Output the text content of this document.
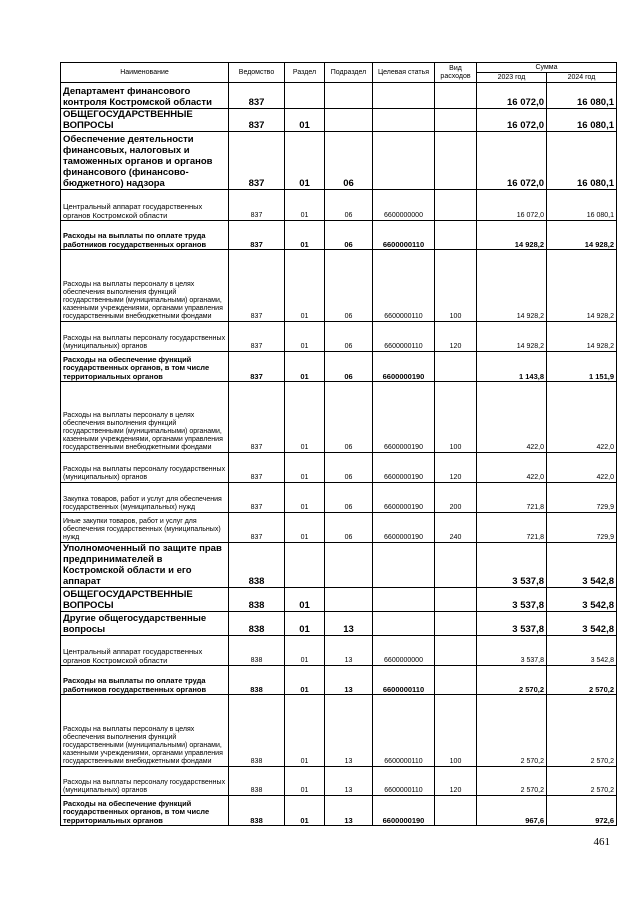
Наименование	Ведомство	Раздел	Подраздел	Целевая статья	Вид расходов	Сумма	
						2023 год	2024 год
Департамент финансового контроля Костромской области	837					16 072,0	16 080,1
ОБЩЕГОСУДАРСТВЕННЫЕ ВОПРОСЫ	837	01				16 072,0	16 080,1
Обеспечение деятельности финансовых, налоговых и таможенных органов и органов финансового (финансово-бюджетного) надзора	837	01	06			16 072,0	16 080,1
Центральный аппарат государственных органов Костромской области	837	01	06	6600000000		16 072,0	16 080,1
Расходы на выплаты по оплате труда работников государственных органов	837	01	06	6600000110		14 928,2	14 928,2
Расходы на выплаты персоналу в целях обеспечения выполнения функций государственными (муниципальными) органами, казенными учреждениями, органами управления государственными внебюджетными фондами	837	01	06	6600000110	100	14 928,2	14 928,2
Расходы на выплаты персоналу государственных (муниципальных) органов	837	01	06	6600000110	120	14 928,2	14 928,2
Расходы на обеспечение функций государственных органов, в том числе территориальных органов	837	01	06	6600000190		1 143,8	1 151,9
Расходы на выплаты персоналу в целях обеспечения выполнения функций государственными (муниципальными) органами, казенными учреждениями, органами управления государственными внебюджетными фондами	837	01	06	6600000190	100	422,0	422,0
Расходы на выплаты персоналу государственных (муниципальных) органов	837	01	06	6600000190	120	422,0	422,0
Закупка товаров, работ и услуг для обеспечения государственных (муниципальных) нужд	837	01	06	6600000190	200	721,8	729,9
Иные закупки товаров, работ и услуг для обеспечения государственных (муниципальных) нужд	837	01	06	6600000190	240	721,8	729,9
Уполномоченный по защите прав предпринимателей в Костромской области и его аппарат	838					3 537,8	3 542,8
ОБЩЕГОСУДАРСТВЕННЫЕ ВОПРОСЫ	838	01				3 537,8	3 542,8
Другие общегосударственные вопросы	838	01	13			3 537,8	3 542,8
Центральный аппарат государственных органов Костромской области	838	01	13	6600000000		3 537,8	3 542,8
Расходы на выплаты по оплате труда работников государственных органов	838	01	13	6600000110		2 570,2	2 570,2
Расходы на выплаты персоналу в целях обеспечения выполнения функций государственными (муниципальными) органами, казенными учреждениями, органами управления государственными внебюджетными фондами	838	01	13	6600000110	100	2 570,2	2 570,2
Расходы на выплаты персоналу государственных (муниципальных) органов	838	01	13	6600000110	120	2 570,2	2 570,2
Расходы на обеспечение функций государственных органов, в том числе территориальных органов	838	01	13	6600000190		967,6	972,6
461
